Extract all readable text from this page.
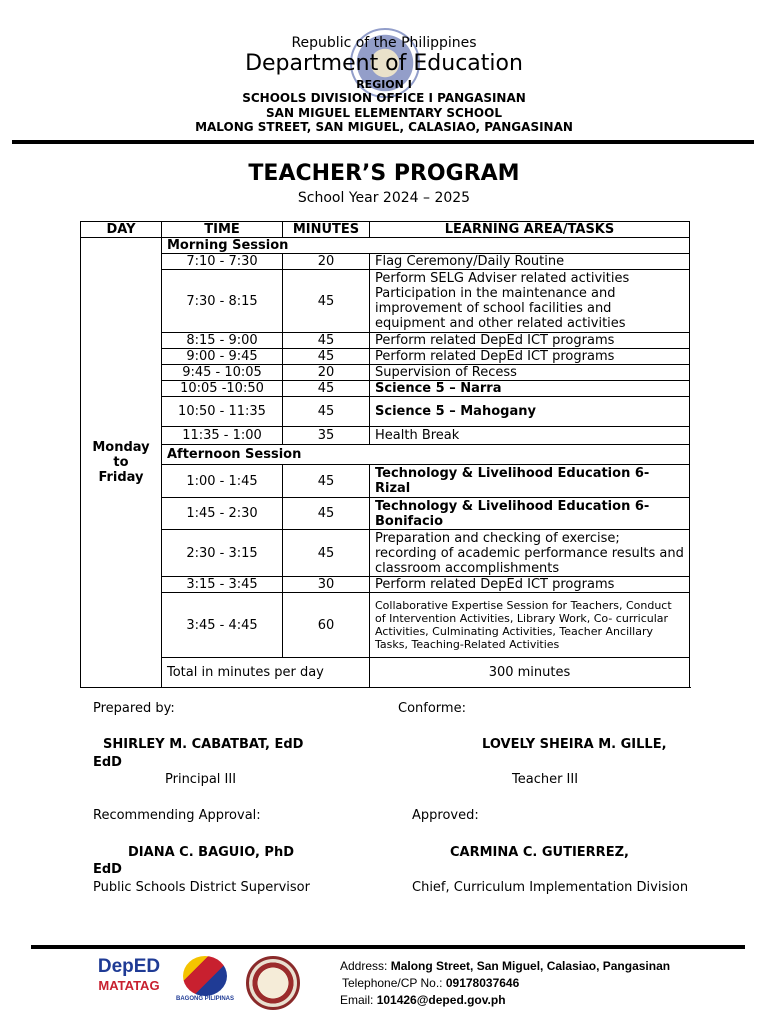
Republic of the Philippines
Department of Education
REGION I
SCHOOLS DIVISION OFFICE I PANGASINAN
SAN MIGUEL ELEMENTARY SCHOOL
MALONG STREET, SAN MIGUEL, CALASIAO, PANGASINAN
TEACHER’S PROGRAM
School Year 2024 – 2025
DAY	TIME	MINUTES	LEARNING AREA/TASKS

Monday to Friday	Morning Session		
	7:10 - 7:30	20	Flag Ceremony/Daily Routine
	7:30 - 8:15	45	Perform SELG Adviser related activities Participation in the maintenance and improvement of school facilities and equipment and other related activities
	8:15 - 9:00	45	Perform related DepEd ICT programs
	9:00 - 9:45	45	Perform related DepEd ICT programs
	9:45 - 10:05	20	Supervision of Recess
	10:05 -10:50	45	Science 5 – Narra
	10:50 - 11:35	45	Science 5 – Mahogany
	11:35 - 1:00	35	Health Break
	Afternoon Session		
	1:00 - 1:45	45	Technology & Livelihood Education 6-Rizal
	1:45 - 2:30	45	Technology & Livelihood Education 6-Bonifacio
	2:30 - 3:15	45	Preparation and checking of exercise; recording of academic performance results and classroom accomplishments
	3:15 - 3:45	30	Perform related DepEd ICT programs
	3:45 - 4:45	60	Collaborative Expertise Session for Teachers, Conduct of Intervention Activities, Library Work, Co- curricular Activities, Culminating Activities, Teacher Ancillary Tasks, Teaching-Related Activities
	Total in minutes per day		300 minutes
Prepared by:
SHIRLEY M. CABATBAT, EdD
EdD
Principal III
Conforme:
LOVELY SHEIRA M. GILLE,
Teacher III
Recommending Approval:
DIANA C. BAGUIO, PhD
EdD
Public Schools District Supervisor
Approved:
CARMINA C. GUTIERREZ,
Chief, Curriculum Implementation Division
DepED
MATATAG
BAGONG PILIPINAS
Address: Malong Street, San Miguel, Calasiao, Pangasinan
Telephone/CP No.: 09178037646
Email: 101426@deped.gov.ph
